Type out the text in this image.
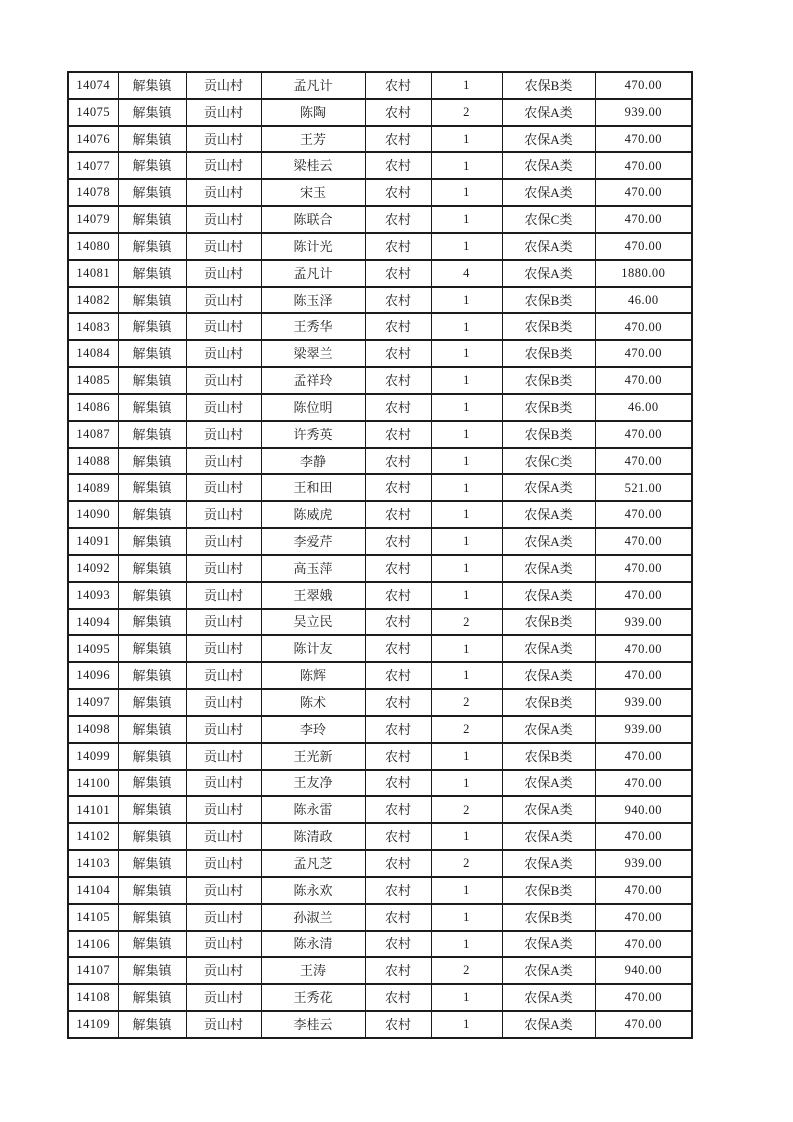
14074	解集镇	贡山村	孟凡计	农村	1	农保B类	470.00
14075	解集镇	贡山村	陈陶	农村	2	农保A类	939.00
14076	解集镇	贡山村	王芳	农村	1	农保A类	470.00
14077	解集镇	贡山村	梁桂云	农村	1	农保A类	470.00
14078	解集镇	贡山村	宋玉	农村	1	农保A类	470.00
14079	解集镇	贡山村	陈联合	农村	1	农保C类	470.00
14080	解集镇	贡山村	陈计光	农村	1	农保A类	470.00
14081	解集镇	贡山村	孟凡计	农村	4	农保A类	1880.00
14082	解集镇	贡山村	陈玉泽	农村	1	农保B类	46.00
14083	解集镇	贡山村	王秀华	农村	1	农保B类	470.00
14084	解集镇	贡山村	梁翠兰	农村	1	农保B类	470.00
14085	解集镇	贡山村	孟祥玲	农村	1	农保B类	470.00
14086	解集镇	贡山村	陈位明	农村	1	农保B类	46.00
14087	解集镇	贡山村	许秀英	农村	1	农保B类	470.00
14088	解集镇	贡山村	李静	农村	1	农保C类	470.00
14089	解集镇	贡山村	王和田	农村	1	农保A类	521.00
14090	解集镇	贡山村	陈威虎	农村	1	农保A类	470.00
14091	解集镇	贡山村	李爱芹	农村	1	农保A类	470.00
14092	解集镇	贡山村	高玉萍	农村	1	农保A类	470.00
14093	解集镇	贡山村	王翠娥	农村	1	农保A类	470.00
14094	解集镇	贡山村	吴立民	农村	2	农保B类	939.00
14095	解集镇	贡山村	陈计友	农村	1	农保A类	470.00
14096	解集镇	贡山村	陈辉	农村	1	农保A类	470.00
14097	解集镇	贡山村	陈术	农村	2	农保B类	939.00
14098	解集镇	贡山村	李玲	农村	2	农保A类	939.00
14099	解集镇	贡山村	王光新	农村	1	农保B类	470.00
14100	解集镇	贡山村	王友净	农村	1	农保A类	470.00
14101	解集镇	贡山村	陈永雷	农村	2	农保A类	940.00
14102	解集镇	贡山村	陈清政	农村	1	农保A类	470.00
14103	解集镇	贡山村	孟凡芝	农村	2	农保A类	939.00
14104	解集镇	贡山村	陈永欢	农村	1	农保B类	470.00
14105	解集镇	贡山村	孙淑兰	农村	1	农保B类	470.00
14106	解集镇	贡山村	陈永清	农村	1	农保A类	470.00
14107	解集镇	贡山村	王涛	农村	2	农保A类	940.00
14108	解集镇	贡山村	王秀花	农村	1	农保A类	470.00
14109	解集镇	贡山村	李桂云	农村	1	农保A类	470.00
